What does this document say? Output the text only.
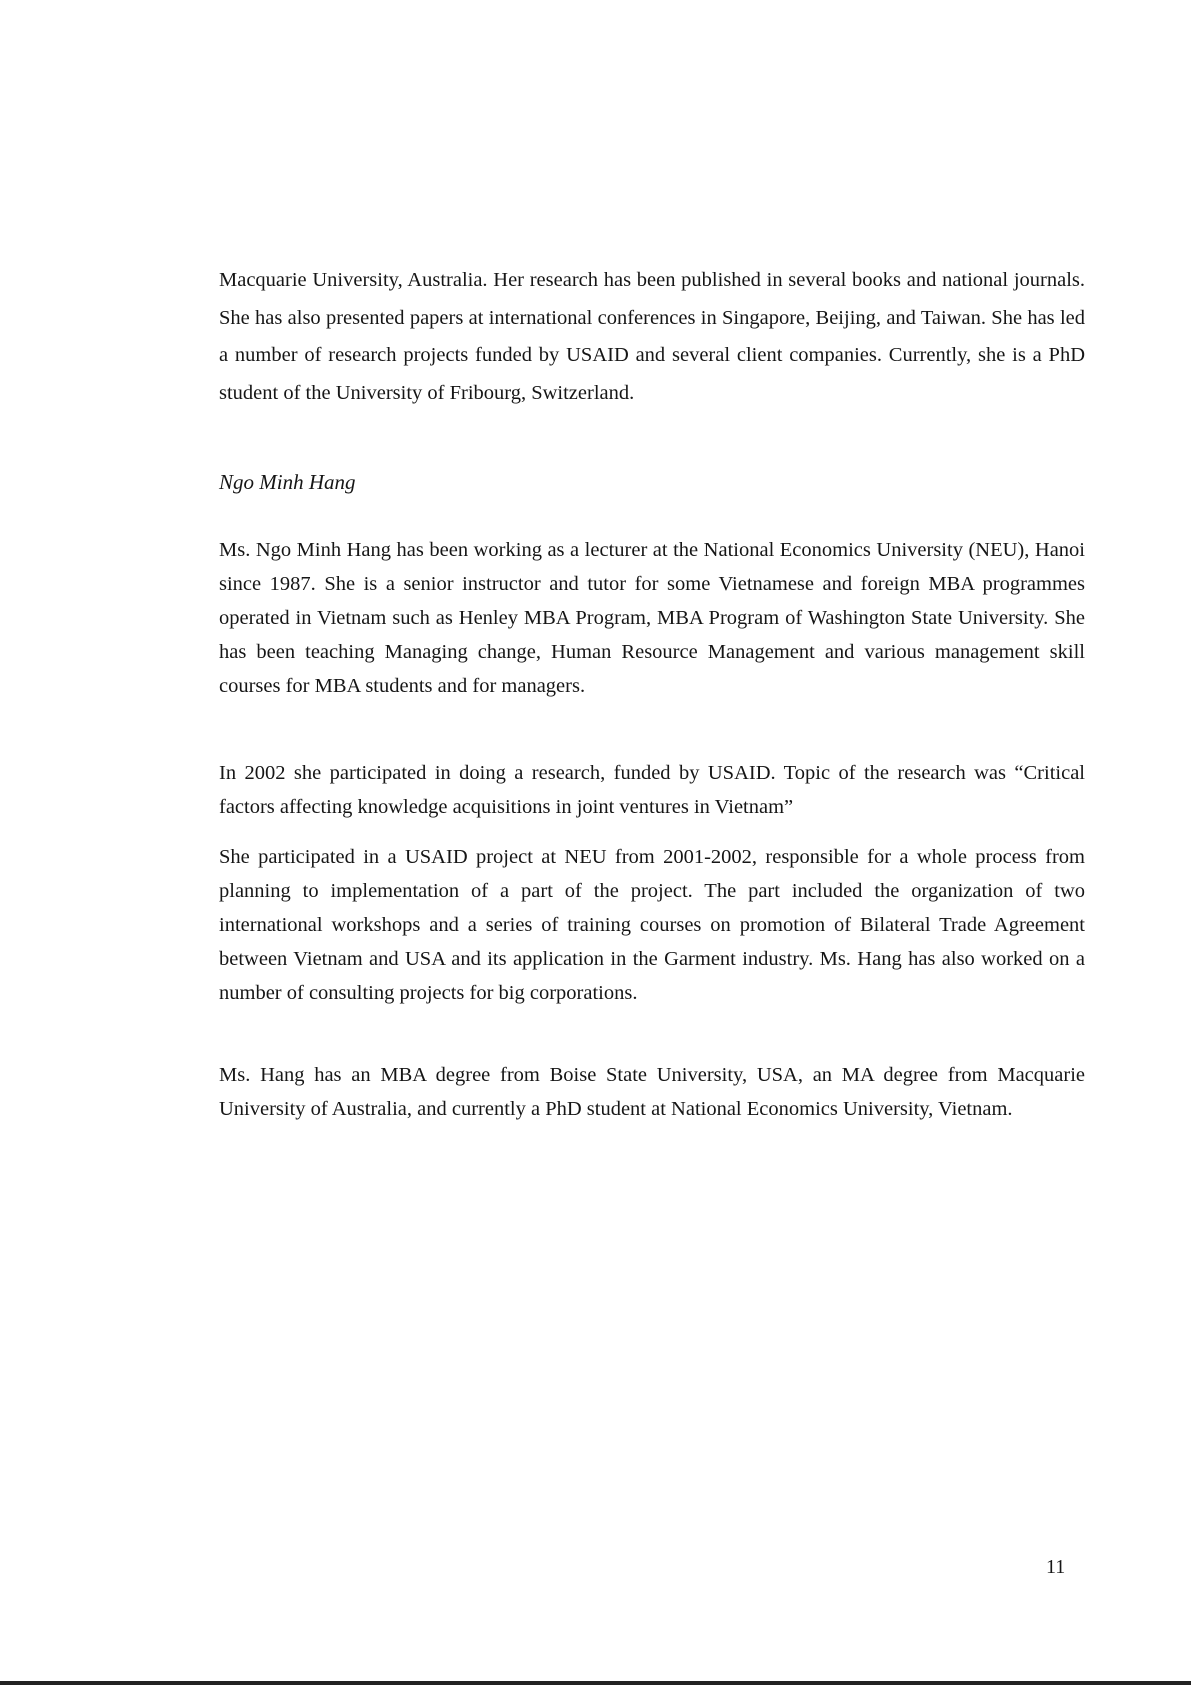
Macquarie University, Australia. Her research has been published in several books and national journals. She has also presented papers at international conferences in Singapore, Beijing, and Taiwan. She has led a number of research projects funded by USAID and several client companies. Currently, she is a PhD student of the University of Fribourg, Switzerland.

Ngo Minh Hang

Ms. Ngo Minh Hang has been working as a lecturer at the National Economics University (NEU), Hanoi since 1987. She is a senior instructor and tutor for some Vietnamese and foreign MBA programmes operated in Vietnam such as Henley MBA Program, MBA Program of Washington State University. She has been teaching Managing change, Human Resource Management and various management skill courses for MBA students and for managers.

In 2002 she participated in doing a research, funded by USAID. Topic of the research was “Critical factors affecting knowledge acquisitions in joint ventures in Vietnam”

She participated in a USAID project at NEU from 2001-2002, responsible for a whole process from planning to implementation of a part of the project. The part included the organization of two international workshops and a series of training courses on promotion of Bilateral Trade Agreement between Vietnam and USA and its application in the Garment industry. Ms. Hang has also worked on a number of consulting projects for big corporations.

Ms. Hang has an MBA degree from Boise State University, USA, an MA degree from Macquarie University of Australia, and currently a PhD student at National Economics University, Vietnam.

11
